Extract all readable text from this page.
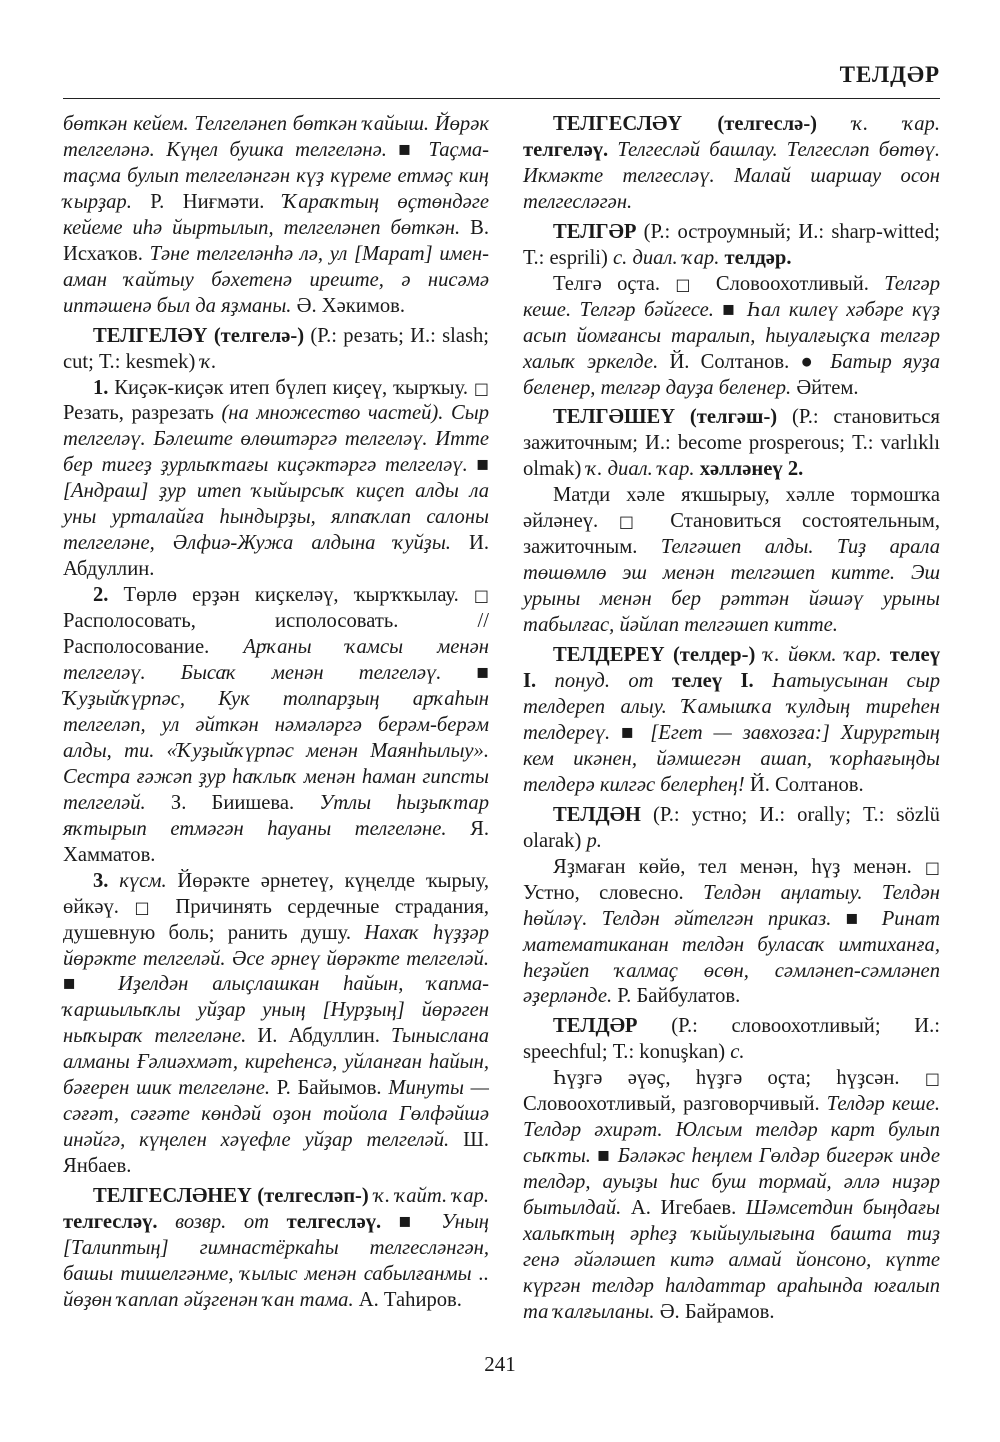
ТЕЛДӘР

бөткән кейем. Телгеләнеп бөткән ҡайыш. Йөрәк телгеләнә. Күңел бушка телгеләнә. ■ Таҫма-таҫма булып телгеләнгән күҙ күреме етмәҫ киң ҡырҙар. Р. Ниғмәти. Ҡараҡтың өҫтөндәге кейеме иһә йыртылып, телгеләнеп бөткән. В. Исхаҡов. Тәне телгеләнһә лә, ул [Марат] имен-аман ҡайтыу бәхетенә иреште, ә нисәмә иптәшенә был да яҙманы. Ә. Хәкимов.

ТЕЛГЕЛӘҮ (телгелә-) (Р.: резать; И.: slash; cut; Т.: kesmek) ҡ.

1. Киҫәк-киҫәк итеп бүлеп киҫеү, ҡырҡыу. □ Резать, разрезать (на множество частей). Сыр телгеләү. Бәлеште өлөштәргә телгеләү. Итте бер тигеҙ ҙурлыҡтағы киҫәктәргә телгеләү. ■ [Андраш] ҙур итеп ҡыйырсыҡ киҫеп алды ла уны урталайға һындырҙы, ялпаҡлап салоны телгеләне, Әлфиә-Жужа алдына ҡуйҙы. И. Абдуллин.

2. Төрлө ерҙән киҫкеләү, ҡырҡҡылау. □ Располосовать, исполосовать. // Располосование. Арҡаны ҡамсы менән телгеләү. Бысаҡ менән телгеләү. ■ Ҡуҙыйҡүрпәс, Кук толпарҙың арҡаһын телгеләп, ул әйткән нәмәләргә берәм-берәм алды, ти. «Ҡуҙыйҡүрпәс менән Маянһылыу». Сестра ғәжәп ҙур һаҡлыҡ менән һаман гипсты телгеләй. З. Биишева. Утлы һыҙыҡтар яҡтырып етмәгән һауаны телгеләне. Я. Хамматов.

3. күсм. Йөрәкте әрнетеү, күңелде ҡырыу, өйкәү. □ Причинять сердечные страдания, душевную боль; ранить душу. Нахаҡ һүҙҙәр йөрәкте телгеләй. Әсе әрнеү йөрәкте телгеләй. ■ Иҙелдән алыҫлашкан һайын, ҡапма-ҡаршылыҡлы уйҙар уның [Нурҙың] йөрәген ныҡыраҡ телгеләне. И. Абдуллин. Тыныслана алманы Ғәлиәхмәт, киреһенсә, уйланған һайын, бәғерен шик телгеләне. Р. Байымов. Минуты — сәғәт, сәғәте көндәй оҙон тойола Гөлфәйшә инәйгә, күңелен хәүефле уйҙар телгеләй. Ш. Янбаев.

ТЕЛГЕСЛӘНЕҮ (телгесләп-) ҡ. ҡайт. ҡар. телгесләү. возвр. от телгесләү. ■ Уның [Талиптың] гимнастёркаһы телгесләнгән, башы тишелгәнме, ҡылыс менән сабылғанмы .. йөҙөн ҡаплап әйҙгенән ҡан тама. А. Таһиров.

ТЕЛГЕСЛӘҮ (телгеслә-) ҡ. ҡар. телгеләү. Телгесләй башлау. Телгесләп бөтөү. Икмәкте телгесләү. Малай шаршау осон телгесләгән.

ТЕЛГӘР (Р.: остроумный; И.: sharp-witted; Т.: esprili) с. диал. ҡар. телдәр.

Телгә оҫта. □ Словоохотливый. Телгәр кеше. Телгәр бәйгесе. ■ Һал килеү хәбәре күҙ асып йомғансы таралып, һыуалғыҫҡа телгәр халыҡ эркелде. Й. Солтанов. ● Батыр яуҙа беленер, телгәр дауҙа беленер. Әйтем.

ТЕЛГӘШЕҮ (телгәш-) (Р.: становиться зажиточным; И.: become prosperous; Т.: varlıklı olmak) ҡ. диал. ҡар. хәлләнеү 2.

Матди хәле яҡшырыу, хәлле тормошҡа әйләнеү. □ Становиться состоятельным, зажиточным. Телгәшеп алды. Тиҙ арала төшөмлө эш менән телгәшеп китте. Эш урыны менән бер рәттән йәшәү урыны табылғас, йәйлап телгәшеп китте.

ТЕЛДЕРЕҮ (телдер-) ҡ. йөкм. ҡар. телеү I. понуд. от телеү I. Һатыусынан сыр телдереп алыу. Ҡамышҡа ҡулдың тиреһен телдереү. ■ [Егет — завхозға:] Хирургтың кем икәнен, йәмшегән ашап, ҡорһағыңды телдерә килгәс белерһең! Й. Солтанов.

ТЕЛДӘН (Р.: устно; И.: orally; Т.: sözlü olarak) р.

Яҙмаған көйө, тел менән, һүҙ менән. □ Устно, словесно. Телдән аңлатыу. Телдән һөйләү. Телдән әйтелгән приказ. ■ Ринат математиканан телдән буласаҡ имтиханға, һеҙәйеп ҡалмаҫ өсөн, сәмләнеп-сәмләнеп әҙерләнде. Р. Байбулатов.

ТЕЛДӘР (Р.: словоохотливый; И.: speechful; Т.: konuşkan) с.

Һүҙгә әүәҫ, һүҙгә оҫта; һүҙсән. □ Словоохотливый, разговорчивый. Телдәр кеше. Телдәр әхирәт. Юлсым телдәр карт булып сыҡты. ■ Бәләкәс һеңлем Гөлдәр бигерәк инде телдәр, ауыҙы һис буш тормай, әллә ниҙәр бытылдай. А. Игебаев. Шәмсетдин быңдағы халыҡтың әрһеҙ ҡыйыулығына башта тиҙ генә әйәләшеп китә алмай йонсоно, күпте күргән телдәр һалдаттар араһында юғалып та ҡалғыланы. Ә. Байрамов.

241
